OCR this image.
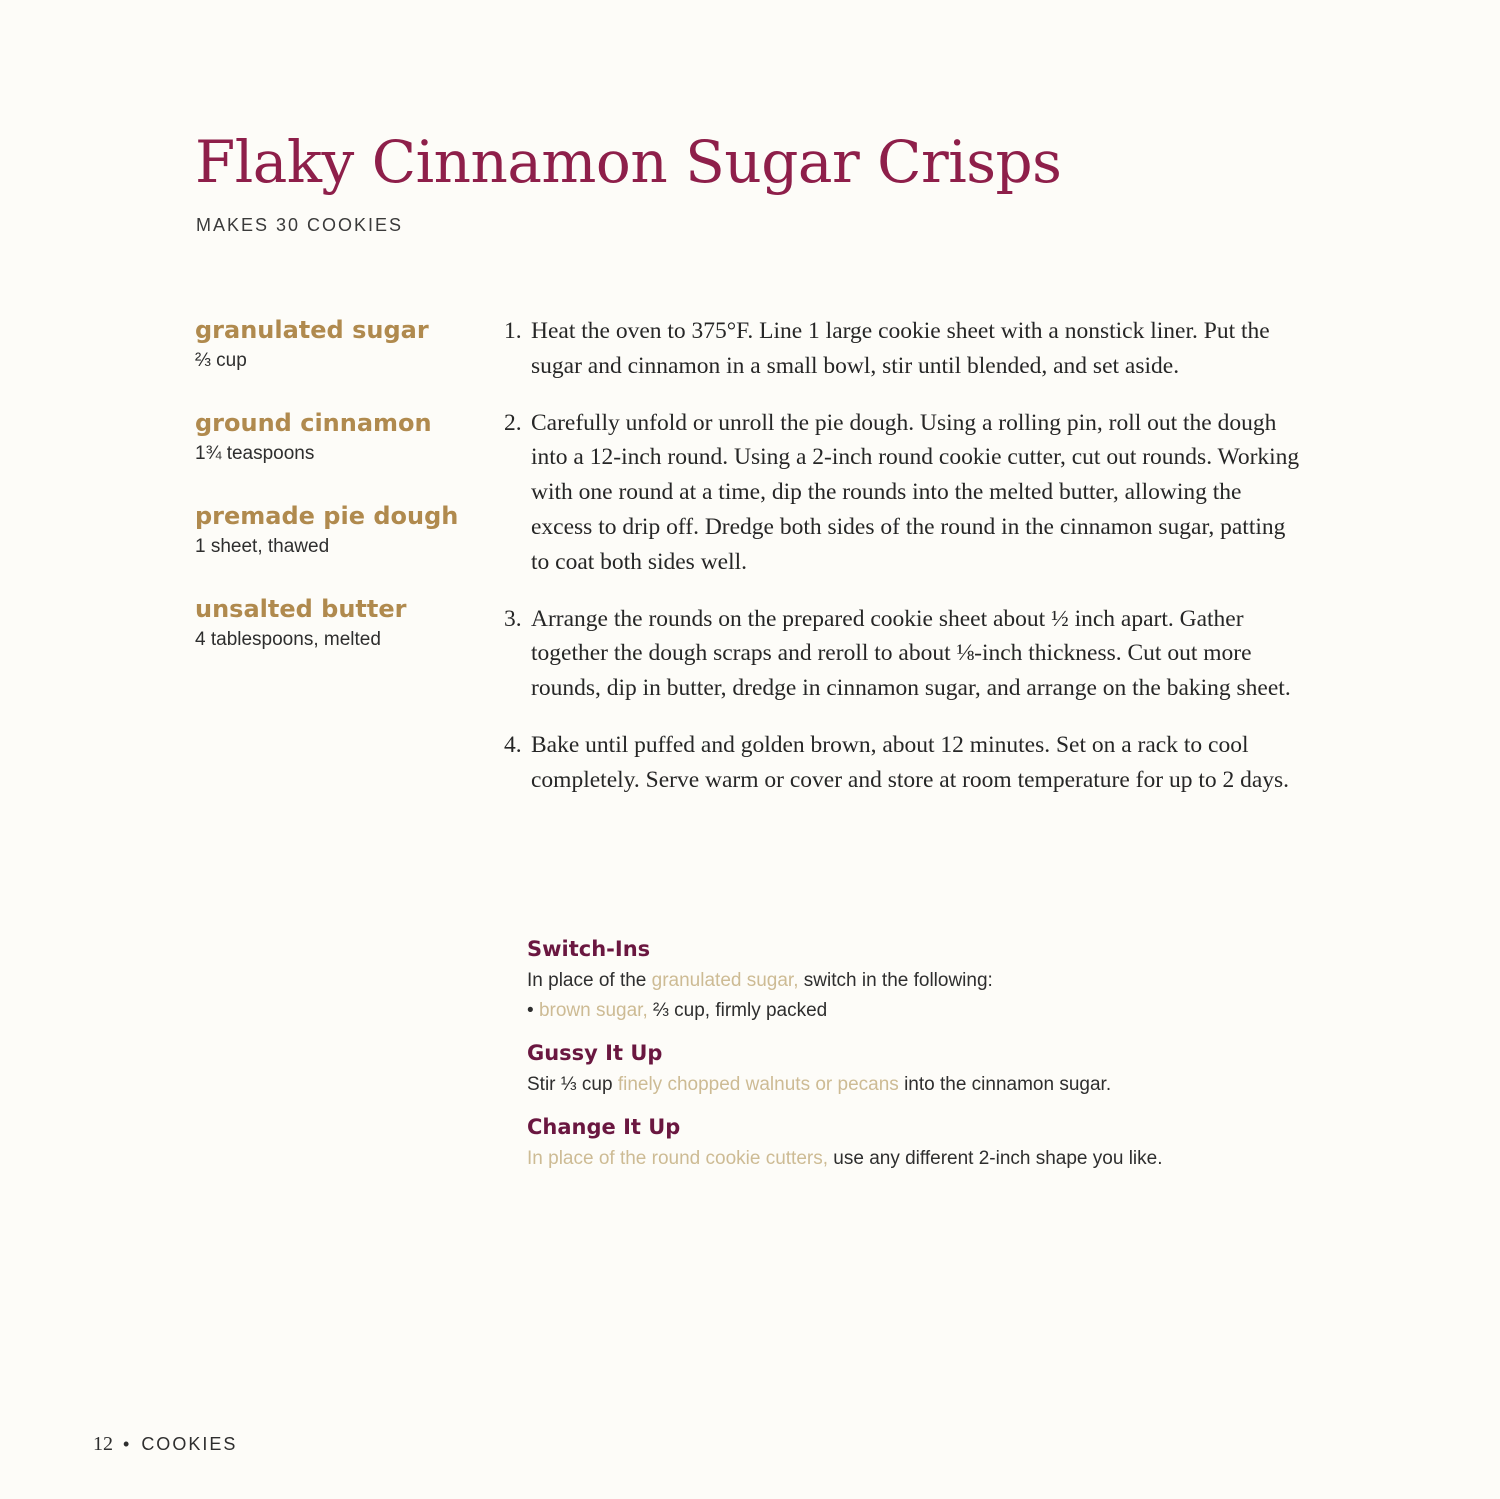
Flaky Cinnamon Sugar Crisps
MAKES 30 COOKIES
granulated sugar
⅔ cup
ground cinnamon
1¾ teaspoons
premade pie dough
1 sheet, thawed
unsalted butter
4 tablespoons, melted
1. Heat the oven to 375°F. Line 1 large cookie sheet with a nonstick liner. Put the sugar and cinnamon in a small bowl, stir until blended, and set aside.
2. Carefully unfold or unroll the pie dough. Using a rolling pin, roll out the dough into a 12-inch round. Using a 2-inch round cookie cutter, cut out rounds. Working with one round at a time, dip the rounds into the melted butter, allowing the excess to drip off. Dredge both sides of the round in the cinnamon sugar, patting to coat both sides well.
3. Arrange the rounds on the prepared cookie sheet about ½ inch apart. Gather together the dough scraps and reroll to about ⅛-inch thickness. Cut out more rounds, dip in butter, dredge in cinnamon sugar, and arrange on the baking sheet.
4. Bake until puffed and golden brown, about 12 minutes. Set on a rack to cool completely. Serve warm or cover and store at room temperature for up to 2 days.
Switch-Ins
In place of the granulated sugar, switch in the following:
• brown sugar, ⅔ cup, firmly packed
Gussy It Up
Stir ⅓ cup finely chopped walnuts or pecans into the cinnamon sugar.
Change It Up
In place of the round cookie cutters, use any different 2-inch shape you like.
12 • COOKIES
